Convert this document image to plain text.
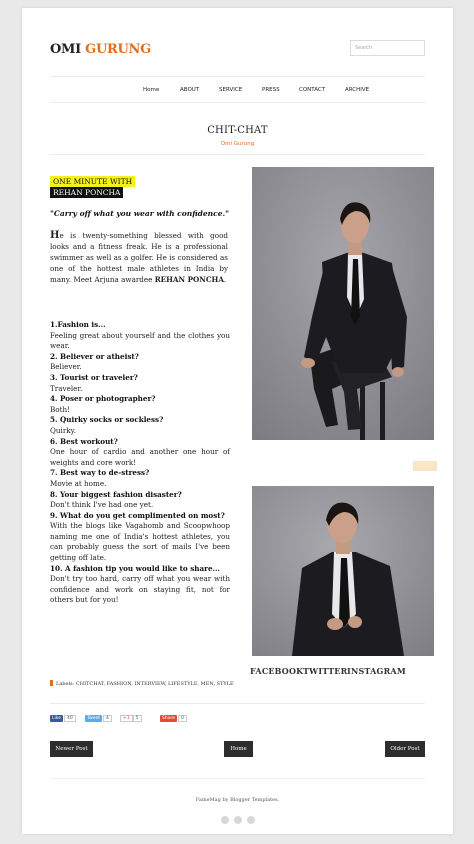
OMI GURUNG	Search
Home	ABOUT	SERVICE	PRESS	CONTACT	ARCHIVE
CHIT-CHAT
Omi Gurung
ONE MINUTE WITH
REHAN PONCHA
"Carry off what you wear with confidence."
He is twenty-something blessed with good looks and a fitness freak. He is a professional swimmer as well as a golfer. He is considered as one of the hottest male athletes in India by many. Meet Arjuna awardee REHAN PONCHA.
1.Fashion is...
Feeling great about yourself and the clothes you wear.
2. Believer or atheist?
Believer.
3. Tourist or traveler?
Traveler.
4. Poser or photographer?
Both!
5. Quirky socks or sockless?
Quirky.
6. Best workout?
One hour of cardio and another one hour of weights and core work!
7. Best way to de-stress?
Movie at home.
8. Your biggest fashion disaster?
Don't think I've had one yet.
9. What do you get complimented on most?
With the blogs like Vagabomb and Scoopwhoop naming me one of India's hottest athletes, you can probably guess the sort of mails I've been getting off late.
10. A fashion tip you would like to share...
Don't try too hard, carry off what you wear with confidence and work on staying fit, not for others but for you!
FACEBOOK TWITTER INSTAGRAM
Labels: CHITCHAT, FASHION, INTERVIEW, LIFESTYLE, MEN, STYLE
Like	40	Tweet	4	+1	5	Share	0
Newer Post	Home	Older Post
FameMag by Blogger Templates.
